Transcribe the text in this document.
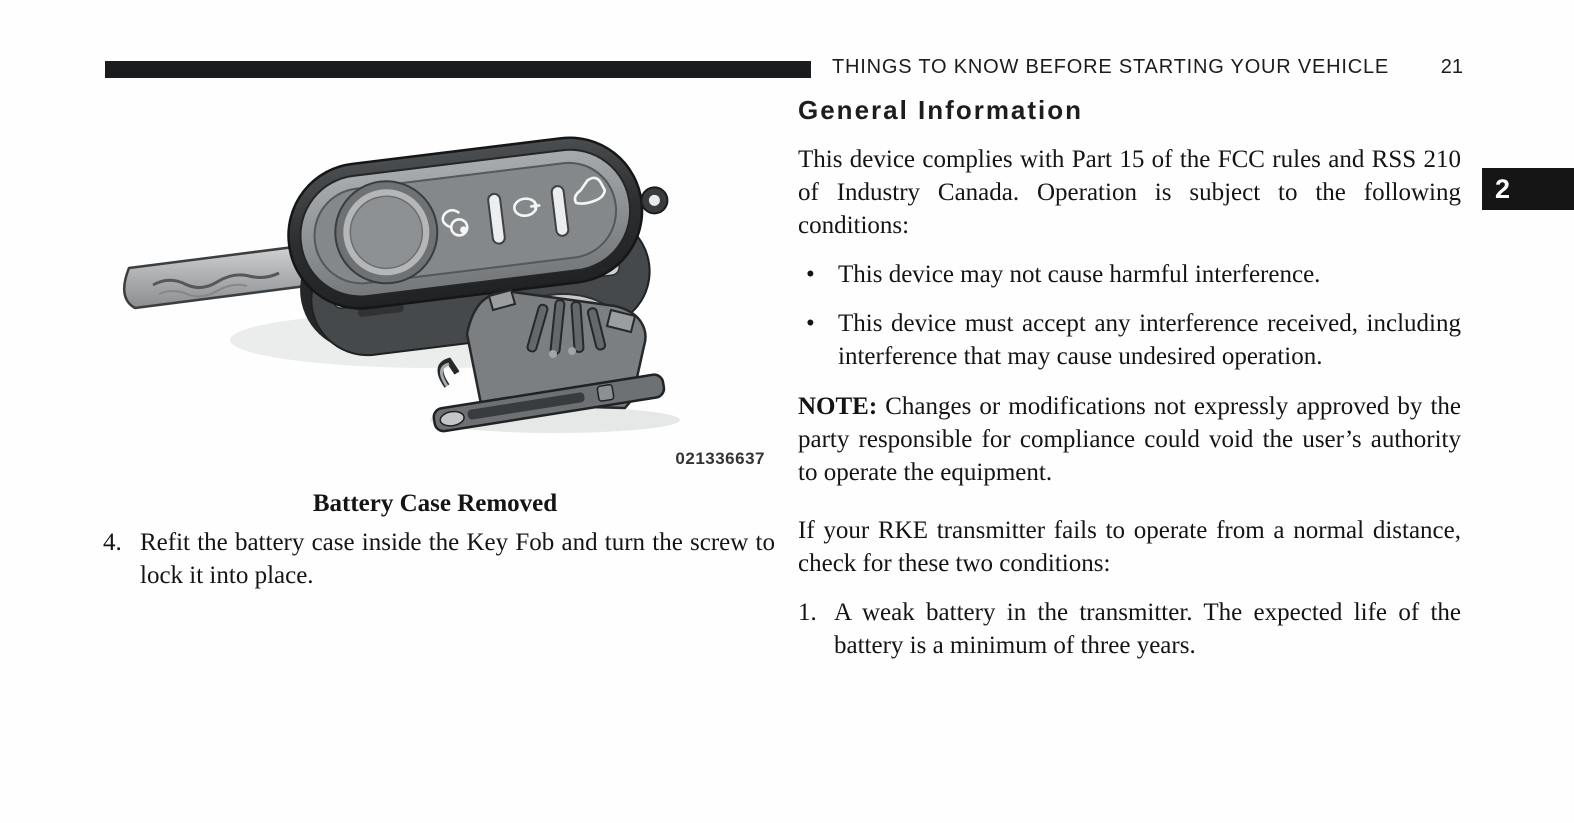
THINGS TO KNOW BEFORE STARTING YOUR VEHICLE	21
2
021336637
Battery Case Removed
4. Refit the battery case inside the Key Fob and turn the screw to lock it into place.
General Information

This device complies with Part 15 of the FCC rules and RSS 210 of Industry Canada. Operation is subject to the following conditions:

• This device may not cause harmful interference.
• This device must accept any interference received, including interference that may cause undesired operation.

NOTE: Changes or modifications not expressly approved by the party responsible for compliance could void the user’s authority to operate the equipment.

If your RKE transmitter fails to operate from a normal distance, check for these two conditions:

1. A weak battery in the transmitter. The expected life of the battery is a minimum of three years.
